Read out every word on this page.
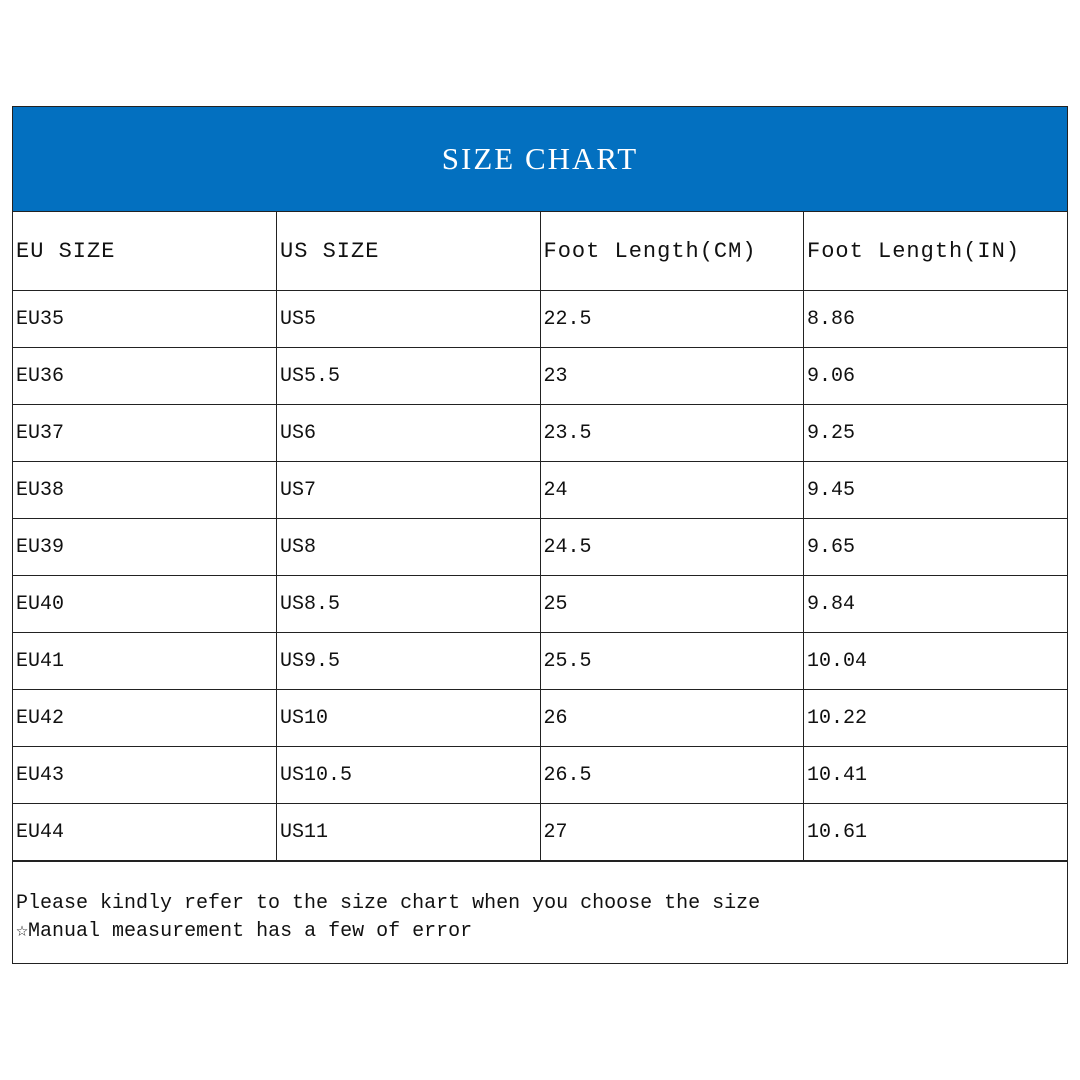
SIZE CHART
EU SIZE	US SIZE	Foot Length(CM)	Foot Length(IN)
EU35	US5	22.5	8.86
EU36	US5.5	23	9.06
EU37	US6	23.5	9.25
EU38	US7	24	9.45
EU39	US8	24.5	9.65
EU40	US8.5	25	9.84
EU41	US9.5	25.5	10.04
EU42	US10	26	10.22
EU43	US10.5	26.5	10.41
EU44	US11	27	10.61
Please kindly refer to the size chart when you choose the size
☆Manual measurement has a few of error
